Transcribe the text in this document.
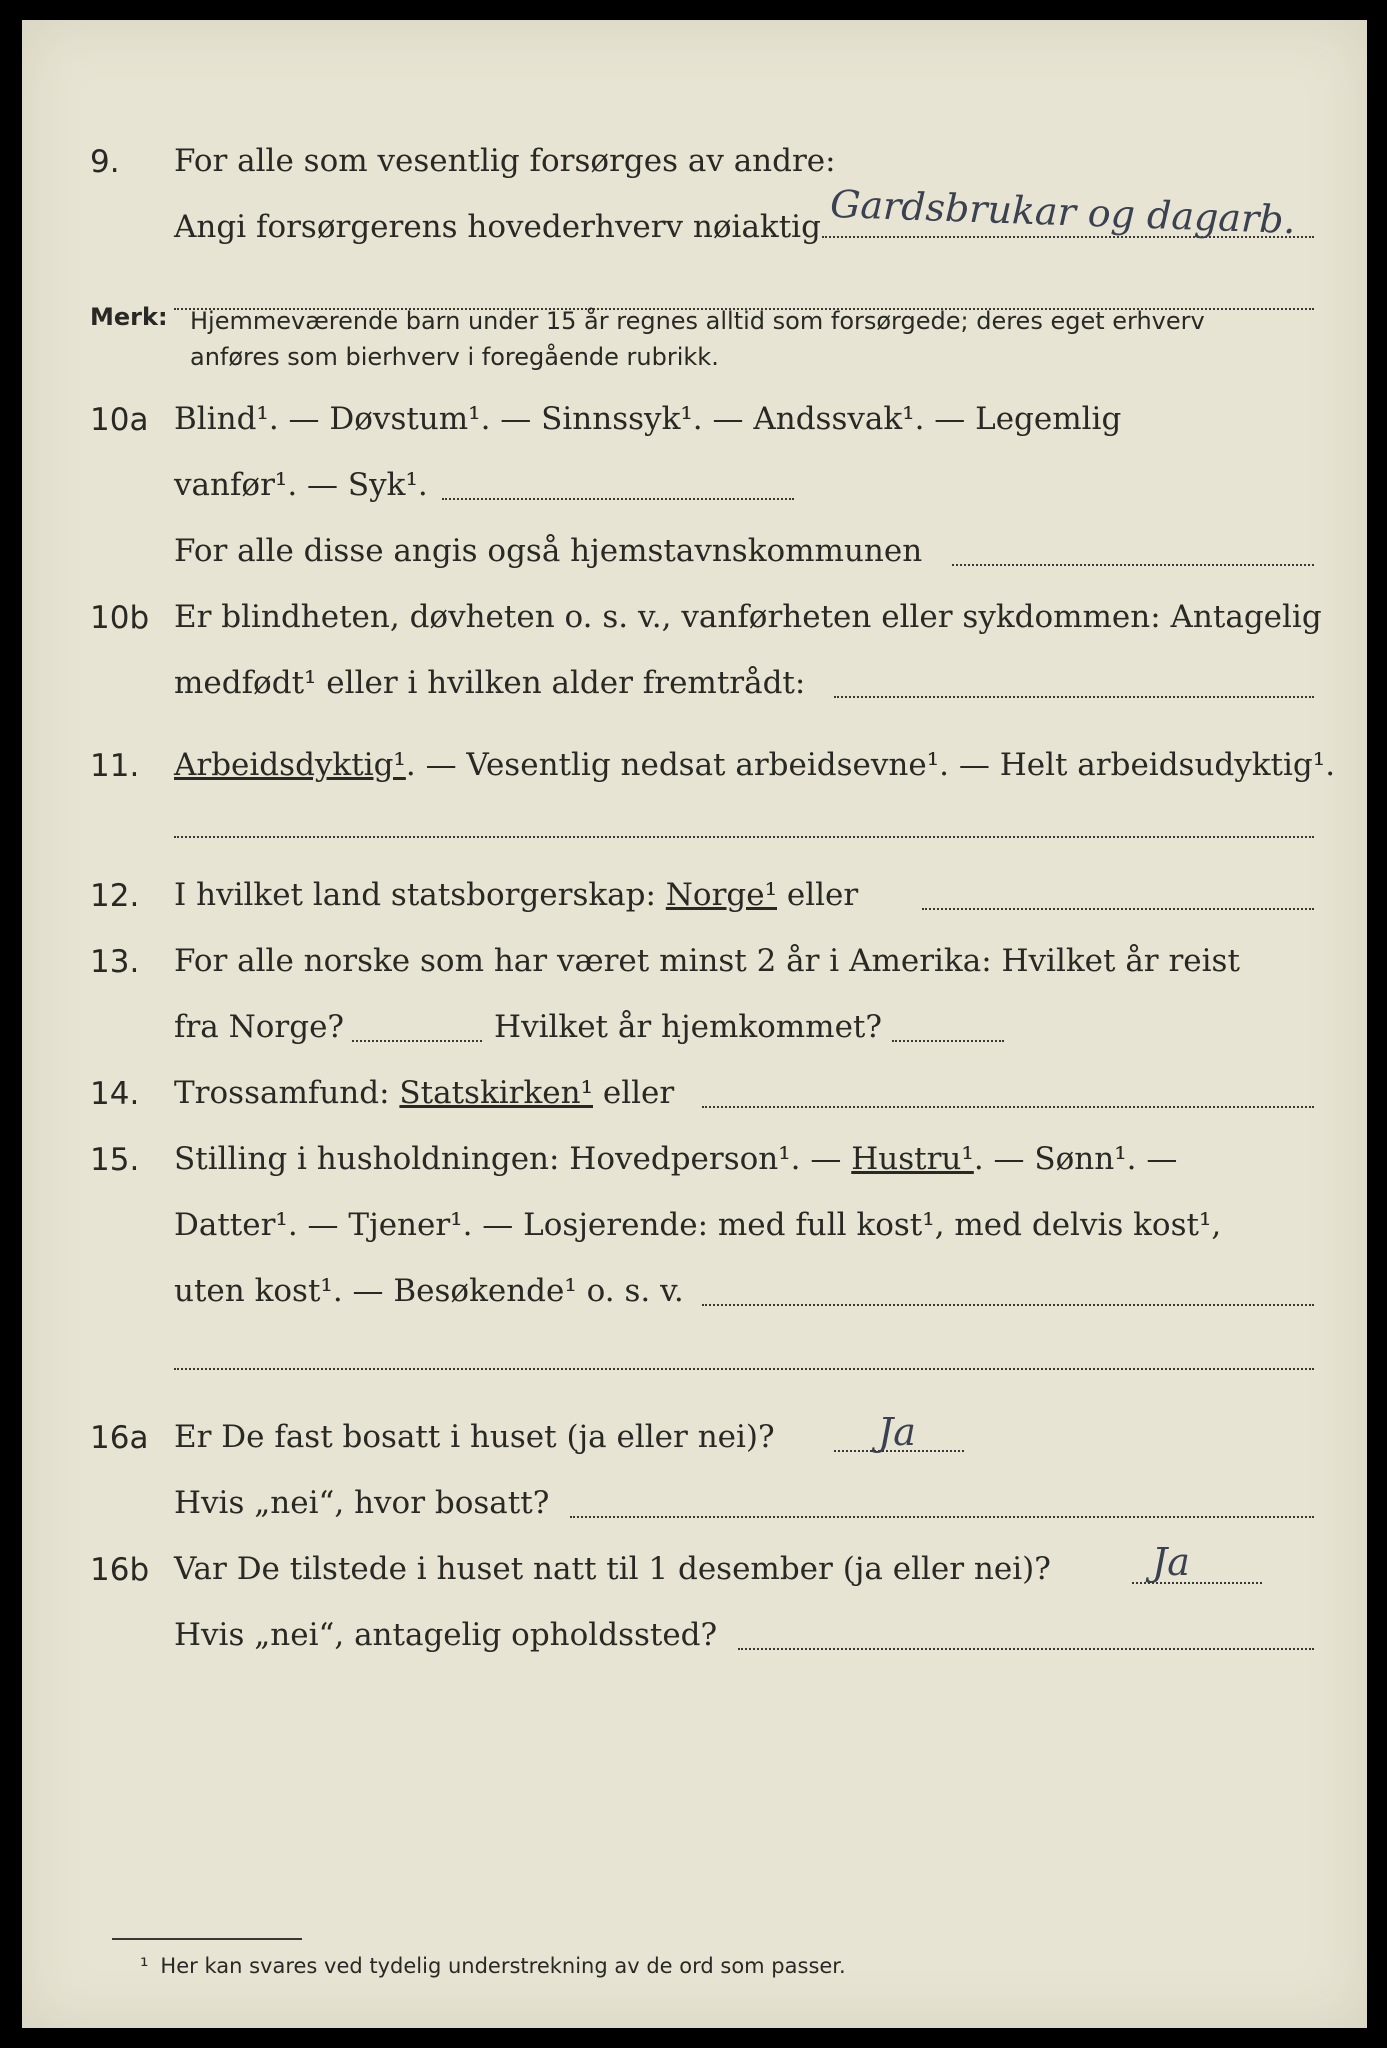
9. For alle som vesentlig forsørges av andre:
Angi forsørgerens hovederhverv nøiaktig Gardsbrukar og dagarb.
Merk: Hjemmeværende barn under 15 år regnes alltid som forsørgede; deres eget erhverv
anføres som bierhverv i foregående rubrikk.
10a Blind¹. — Døvstum¹. — Sinnssyk¹. — Andssvak¹. — Legemlig
vanfør¹. — Syk¹.
For alle disse angis også hjemstavnskommunen
10b Er blindheten, døvheten o. s. v., vanførheten eller sykdommen: Antagelig
medfødt¹ eller i hvilken alder fremtrådt:
11. Arbeidsdyktig¹. — Vesentlig nedsat arbeidsevne¹. — Helt arbeidsudyktig¹.
12. I hvilket land statsborgerskap: Norge¹ eller
13. For alle norske som har været minst 2 år i Amerika: Hvilket år reist
fra Norge?	Hvilket år hjemkommet?
14. Trossamfund: Statskirken¹ eller
15. Stilling i husholdningen: Hovedperson¹. — Hustru¹. — Sønn¹. —
Datter¹. — Tjener¹. — Losjerende: med full kost¹, med delvis kost¹,
uten kost¹. — Besøkende¹ o. s. v.
16a Er De fast bosatt i huset (ja eller nei)?
Hvis „nei“, hvor bosatt?
Ja
16b Var De tilstede i huset natt til 1 desember (ja eller nei)?
Hvis „nei“, antagelig opholdssted?
Ja
¹ Her kan svares ved tydelig understrekning av de ord som passer.
